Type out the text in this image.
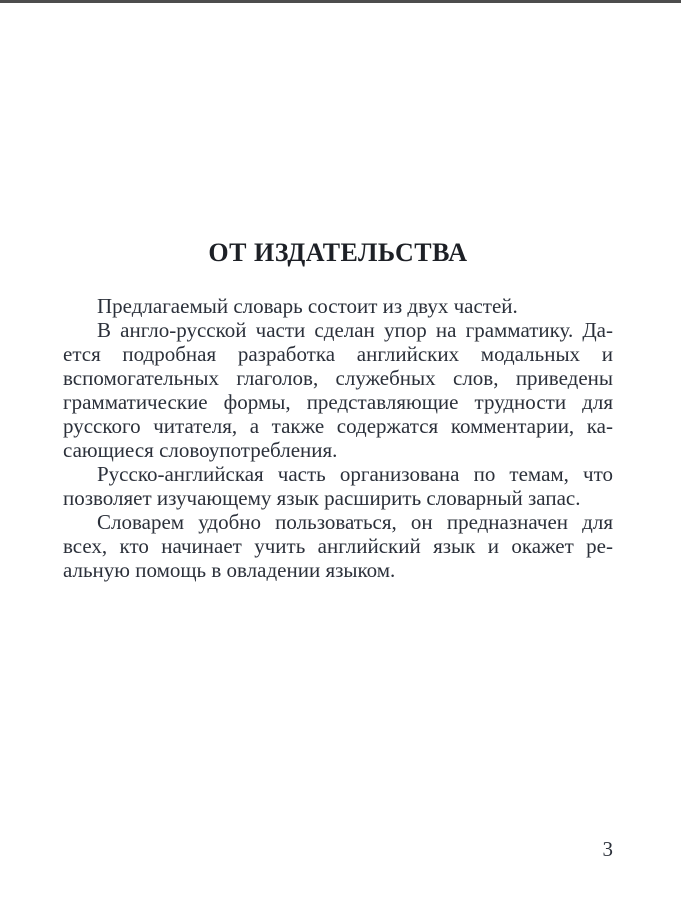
ОТ ИЗДАТЕЛЬСТВА
Предлагаемый словарь состоит из двух частей.
В англо-русской части сделан упор на грамматику. Да-
ется подробная разработка английских модальных и
вспомогательных глаголов, служебных слов, приведены
грамматические формы, представляющие трудности для
русского читателя, а также содержатся комментарии, ка-
сающиеся словоупотребления.
Русско-английская часть организована по темам, что
позволяет изучающему язык расширить словарный запас.
Словарем удобно пользоваться, он предназначен для
всех, кто начинает учить английский язык и окажет ре-
альную помощь в овладении языком.
3
